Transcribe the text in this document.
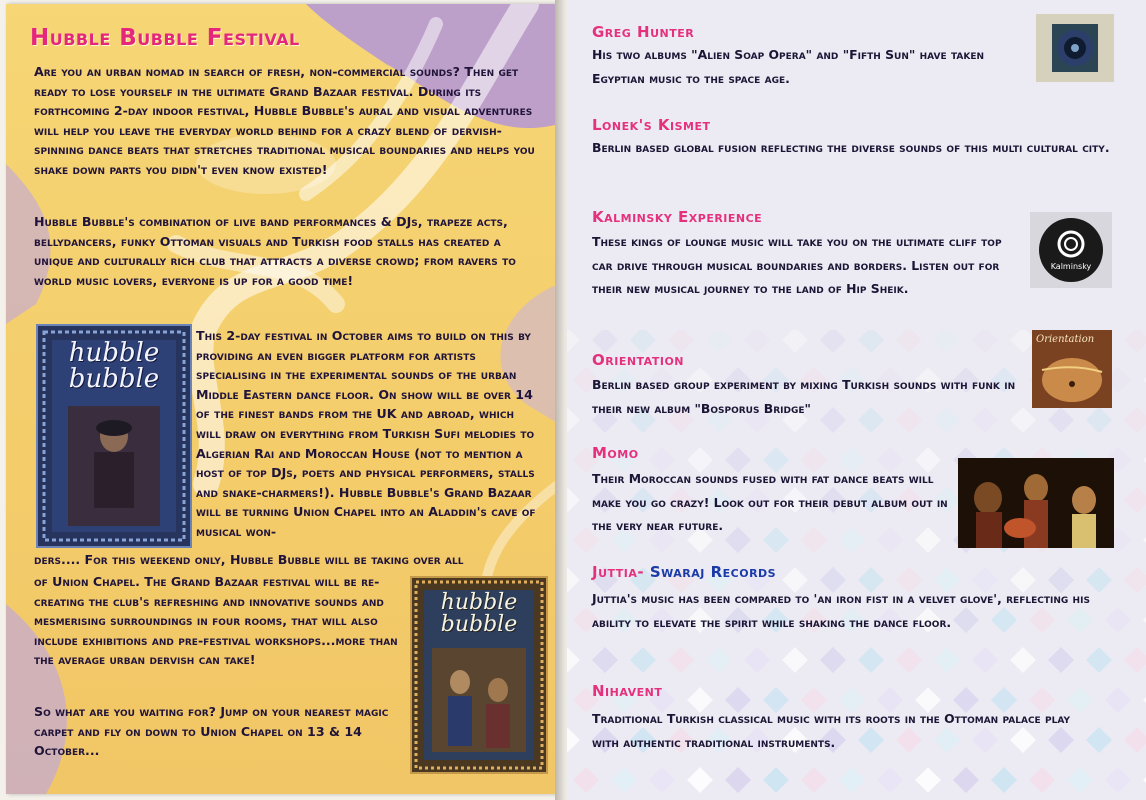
Hubble Bubble Festival
Are you an urban nomad in search of fresh, non-commercial sounds? Then get ready to lose yourself in the ultimate Grand Bazaar festival. During its forthcoming 2-day indoor festival, Hubble Bubble's aural and visual adventures will help you leave the everyday world behind for a crazy blend of dervish-spinning dance beats that stretches traditional musical boundaries and helps you shake down parts you didn't even know existed!
Hubble Bubble's combination of live band performances & DJs, trapeze acts, bellydancers, funky Ottoman visuals and Turkish food stalls has created a unique and culturally rich club that attracts a diverse crowd; from ravers to world music lovers, everyone is up for a good time!
hubble bubble
This 2-day festival in October aims to build on this by providing an even bigger platform for artists specialising in the experimental sounds of the urban Middle Eastern dance floor. On show will be over 14 of the finest bands from the UK and abroad, which will draw on everything from Turkish Sufi melodies to Algerian Rai and Moroccan House (not to mention a host of top DJs, poets and physical performers, stalls and snake-charmers!). Hubble Bubble's Grand Bazaar will be turning Union Chapel into an Aladdin's cave of musical won-
ders.... For this weekend only, Hubble Bubble will be taking over all
of Union Chapel. The Grand Bazaar festival will be re-creating the club's refreshing and innovative sounds and mesmerising surroundings in four rooms, that will also include exhibitions and pre-festival workshops...more than the average urban dervish can take!
So what are you waiting for? Jump on your nearest magic carpet and fly on down to Union Chapel on 13 & 14 October...
hubble bubble
Greg Hunter
His two albums "Alien Soap Opera" and "Fifth Sun" have taken Egyptian music to the space age.
Lonek's Kismet
Berlin based global fusion reflecting the diverse sounds of this multi cultural city.
Kalminsky Experience
These kings of lounge music will take you on the ultimate cliff top car drive through musical boundaries and borders. Listen out for their new musical journey to the land of Hip Sheik.
Kalminsky
Orientation
Berlin based group experiment by mixing Turkish sounds with funk in their new album "Bosporus Bridge"
Orientation
Momo
Their Moroccan sounds fused with fat dance beats will make you go crazy! Look out for their debut album out in the very near future.
Juttia- Swaraj Records
Juttia's music has been compared to 'an iron fist in a velvet glove', reflecting his ability to elevate the spirit while shaking the dance floor.
Nihavent
Traditional Turkish classical music with its roots in the Ottoman palace play with authentic traditional instruments.
